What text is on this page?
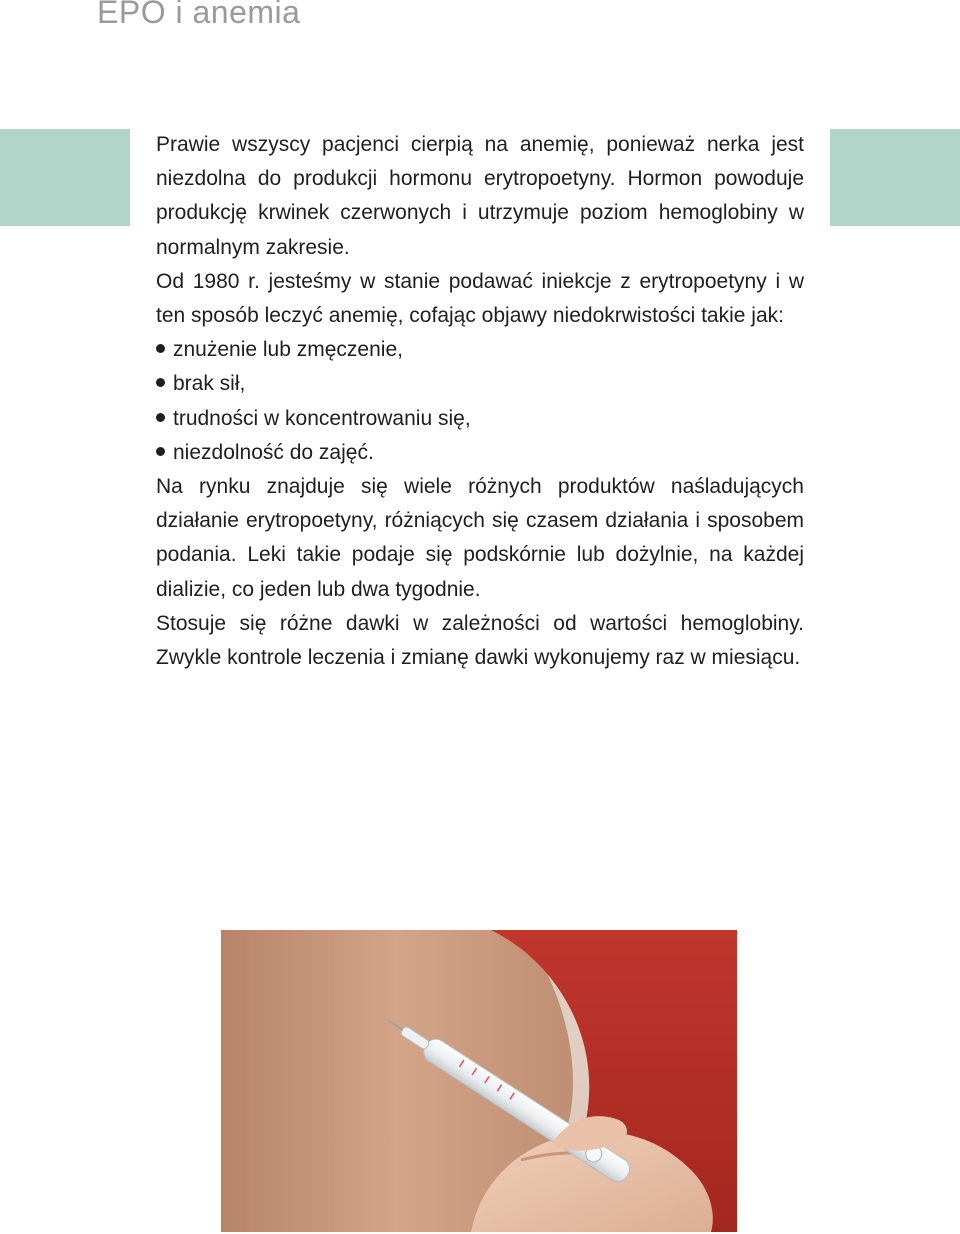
EPO i anemia

Prawie wszyscy pacjenci cierpią na anemię, ponieważ nerka jest niezdolna do produkcji hormonu erytropoetyny. Hormon powoduje produkcję krwinek czerwonych i utrzymuje poziom hemoglobiny w normalnym zakresie.

Od 1980 r. jesteśmy w stanie podawać iniekcje z erytropoetyny i w ten sposób leczyć anemię, cofając objawy niedokrwistości takie jak:

znużenie lub zmęczenie,
brak sił,
trudności w koncentrowaniu się,
niezdolność do zajęć.

Na rynku znajduje się wiele różnych produktów naśladujących działanie erytropoetyny, różniących się czasem działania i sposobem podania. Leki takie podaje się podskórnie lub dożylnie, na każdej dializie, co jeden lub dwa tygodnie.

Stosuje się różne dawki w zależności od wartości hemoglobiny. Zwykle kontrole leczenia i zmianę dawki wykonujemy raz w miesiącu.
